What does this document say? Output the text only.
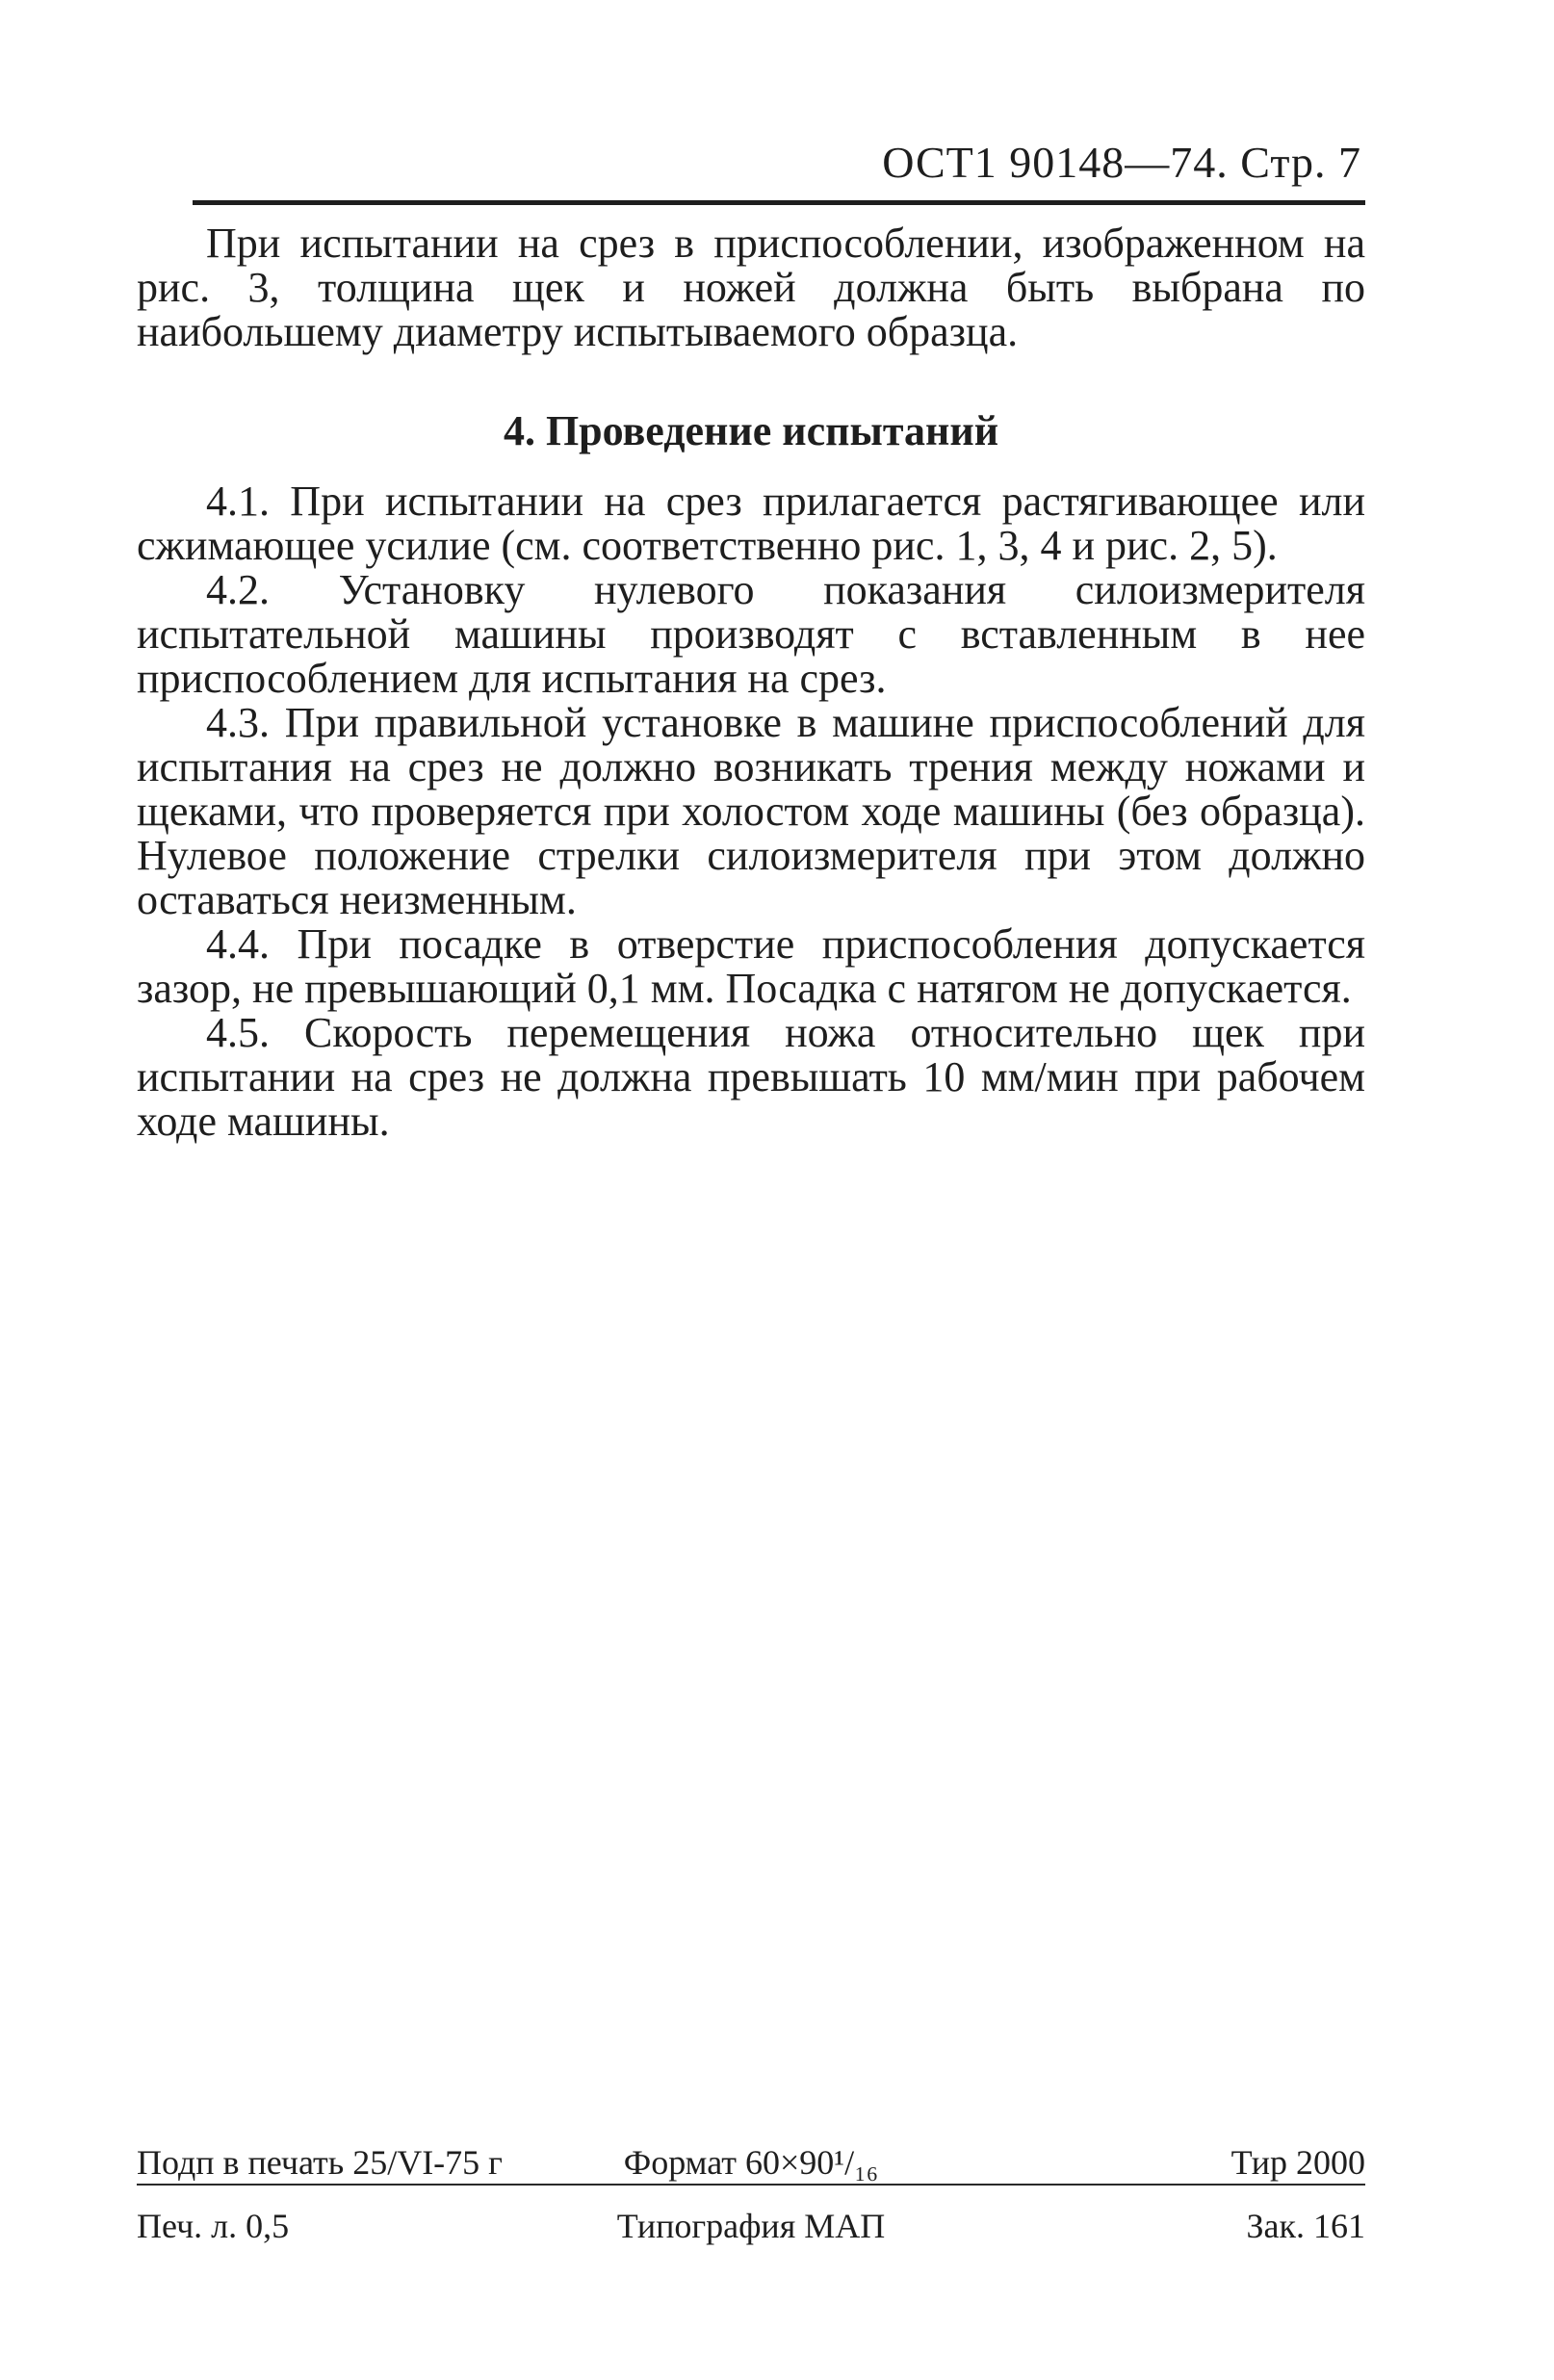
ОСТ1 90148—74. Стр. 7
При испытании на срез в приспособлении, изображенном на рис. 3, толщина щек и ножей должна быть выбрана по наибольшему диаметру испытываемого образца.
4. Проведение испытаний

4.1. При испытании на срез прилагается растягивающее или сжимающее усилие (см. соответственно рис. 1, 3, 4 и рис. 2, 5).

4.2. Установку нулевого показания силоизмерителя испытательной машины производят с вставленным в нее приспособлением для испытания на срез.

4.3. При правильной установке в машине приспособлений для испытания на срез не должно возникать трения между ножами и щеками, что проверяется при холостом ходе машины (без образца). Нулевое положение стрелки силоизмерителя при этом должно оставаться неизменным.

4.4. При посадке в отверстие приспособления допускается зазор, не превышающий 0,1 мм. Посадка с натягом не допускается.

4.5. Скорость перемещения ножа относительно щек при испытании на срез не должна превышать 10 мм/мин при рабочем ходе машины.

Подп в печать 25/VI-75 г	Формат 60×90¹/₁₆	Тир 2000
Печ. л. 0,5	Типография МАП	Зак. 161
